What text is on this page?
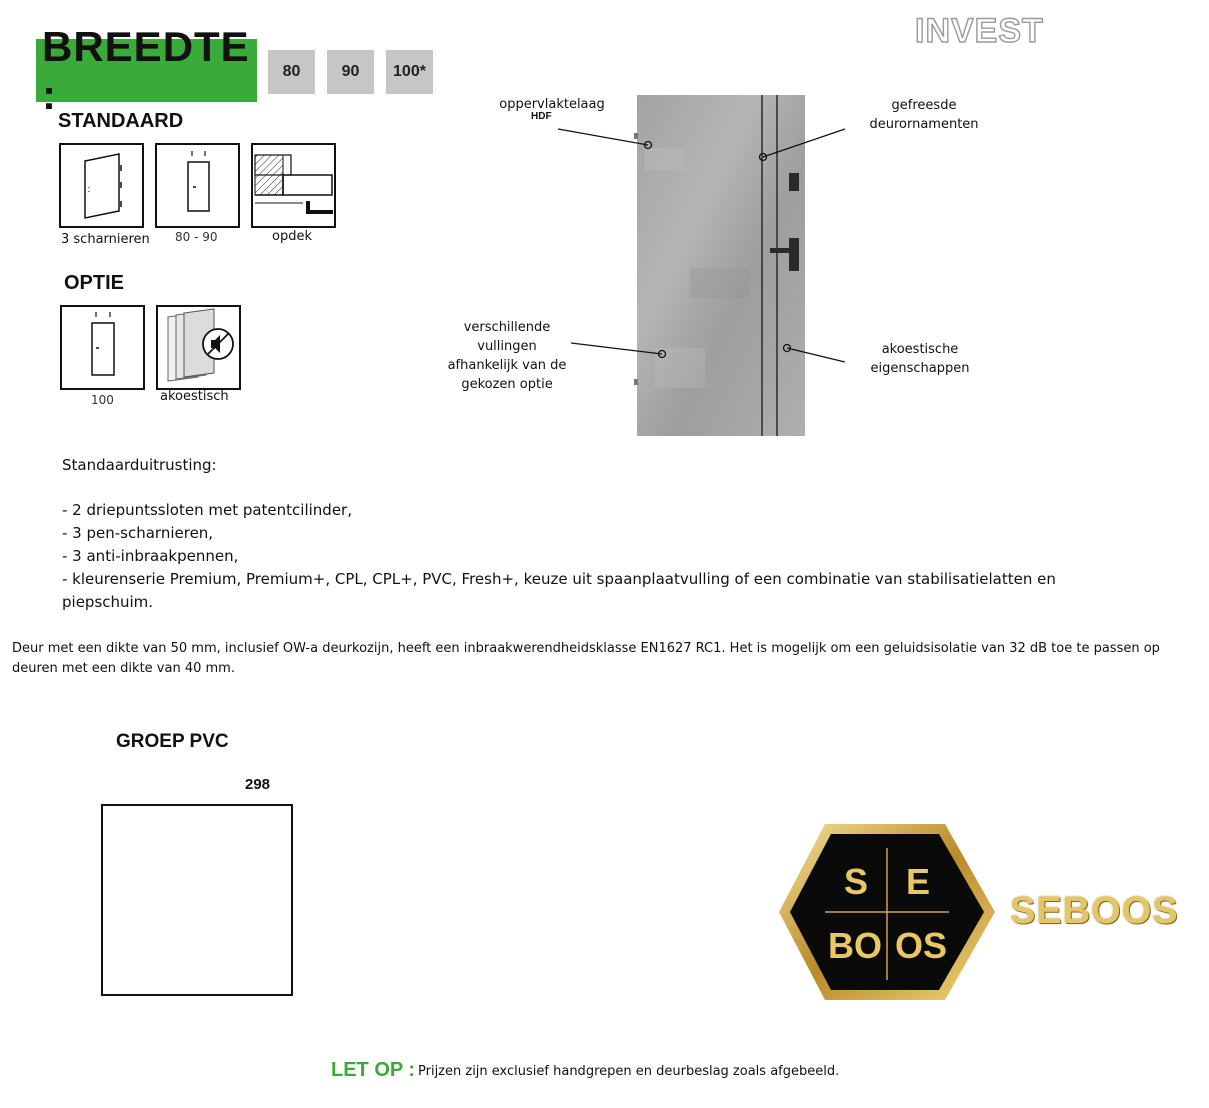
INVEST
BREEDTE :	80	90	100*
STANDAARD
3 scharnieren 80 - 90	opdek
OPTIE
100	akoestisch
oppervlaktelaag
HDF
gefreesde deurornamenten
verschillende vullingen afhankelijk van de gekozen optie
akoestische eigenschappen
Standaarduitrusting:
- 2 driepuntssloten met patentcilinder,
- 3 pen-scharnieren,
- 3 anti-inbraakpennen,
- kleurenserie Premium, Premium+, CPL, CPL+, PVC, Fresh+, keuze uit spaanplaatvulling of een combinatie van stabilisatielatten en piepschuim.
Deur met een dikte van 50 mm, inclusief OW-a deurkozijn, heeft een inbraakwerendheidsklasse EN1627 RC1. Het is mogelijk om een geluidsisolatie van 32 dB toe te passen op deuren met een dikte van 40 mm.
GROEP PVC
298
S E
BO OS
SEBOOS
LET OP : Prijzen zijn exclusief handgrepen en deurbeslag zoals afgebeeld.
